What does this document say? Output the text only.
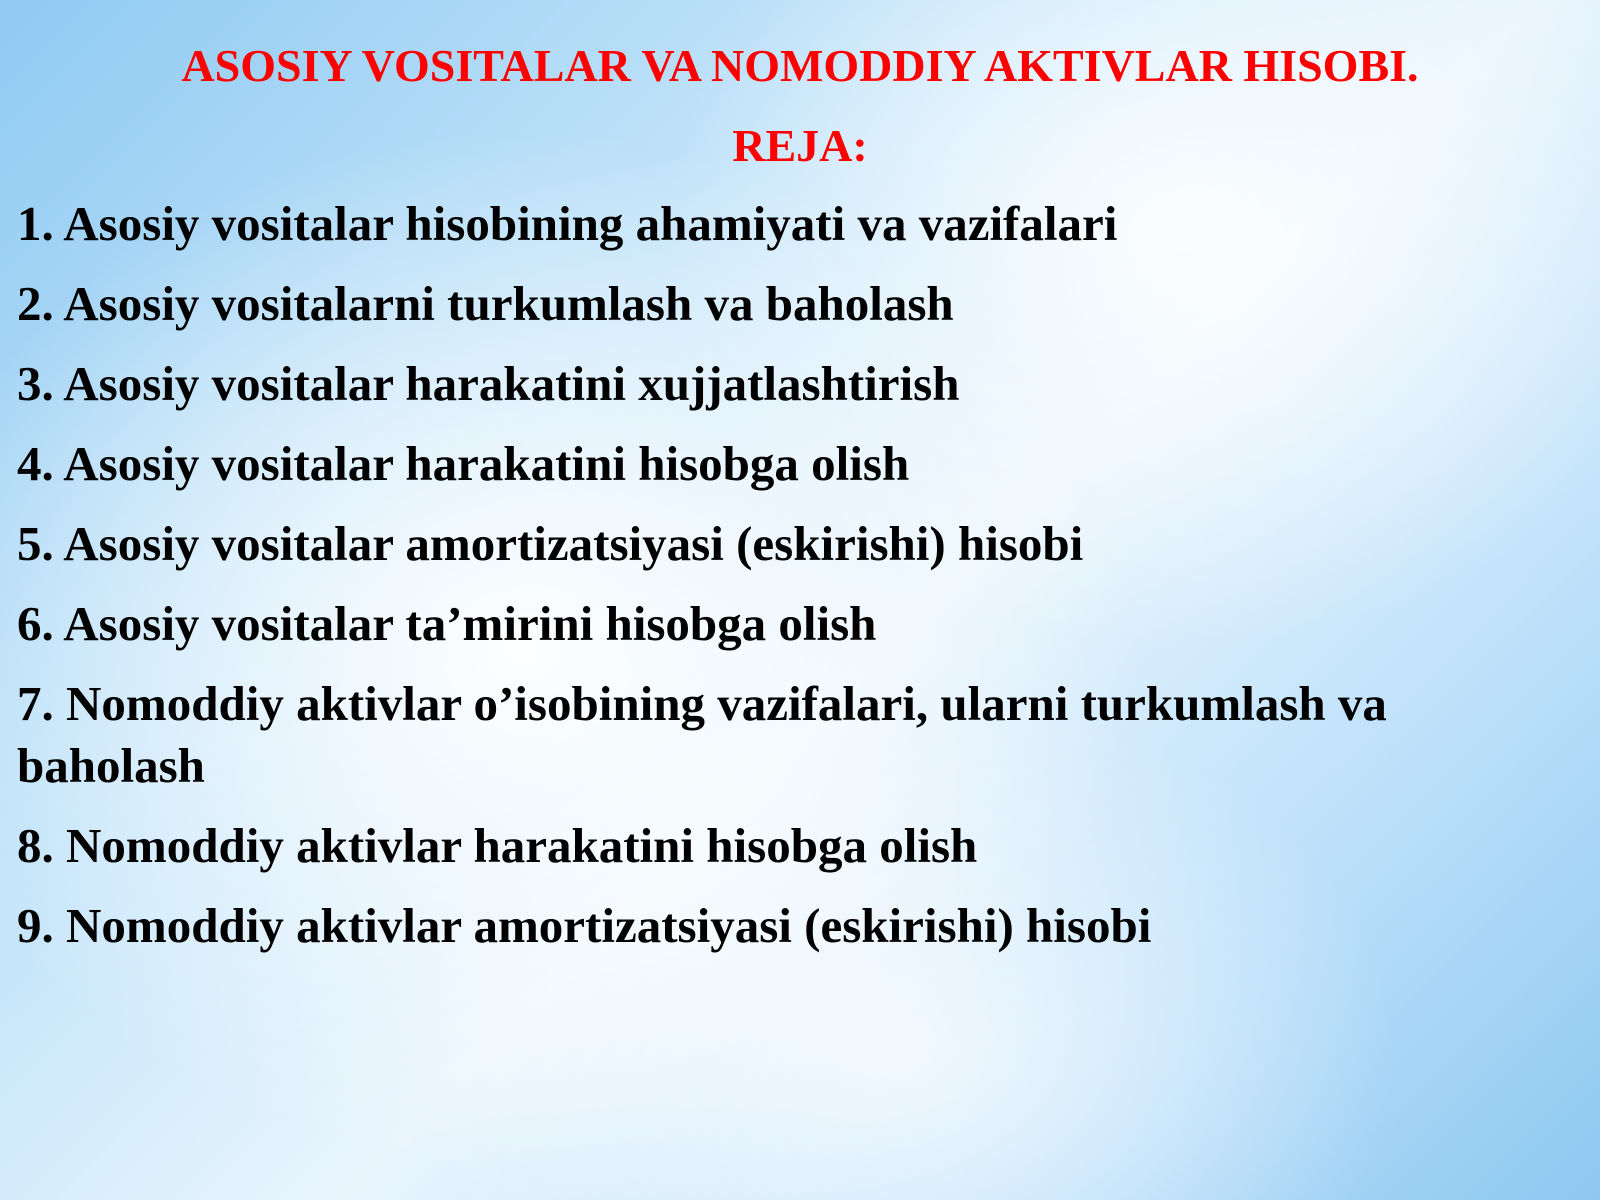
ASOSIY VOSITALAR VA NOMODDIY AKTIVLAR HISOBI.
REJA:
1. Asosiy vositalar hisobining ahamiyati va vazifalari
2. Asosiy vositalarni turkumlash va baholash
3. Asosiy vositalar harakatini xujjatlashtirish
4. Asosiy vositalar harakatini hisobga olish
5. Asosiy vositalar amortizatsiyasi (eskirishi) hisobi
6. Asosiy vositalar ta’mirini hisobga olish
7. Nomoddiy aktivlar o’isobining vazifalari, ularni turkumlash va baholash
8. Nomoddiy aktivlar harakatini hisobga olish
9. Nomoddiy aktivlar amortizatsiyasi (eskirishi) hisobi
